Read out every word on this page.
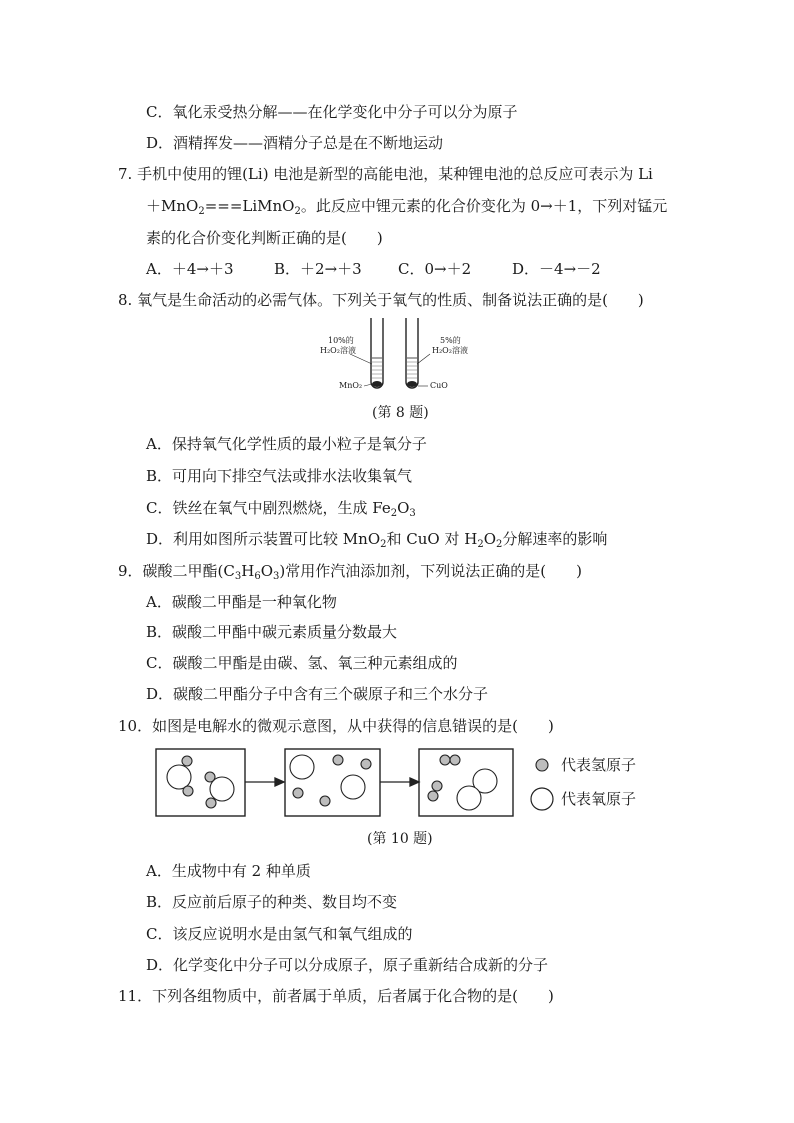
C．氧化汞受热分解——在化学变化中分子可以分为原子
D．酒精挥发——酒精分子总是在不断地运动
7. 手机中使用的锂(Li) 电池是新型的高能电池，某种锂电池的总反应可表示为 Li
＋MnO$_2$===LiMnO$_2$。此反应中锂元素的化合价变化为 0→＋1，下列对锰元
素的化合价变化判断正确的是(　　)
A．＋4→＋3	B．＋2→＋3 C．0→＋2	D．－4→－2
8. 氧气是生命活动的必需气体。下列关于氧气的性质、制备说法正确的是(　　)
10%的
H₂O₂溶液
MnO₂
5%的
H₂O₂溶液
CuO
(第 8 题)
A．保持氧气化学性质的最小粒子是氧分子
B．可用向下排空气法或排水法收集氧气
C．铁丝在氧气中剧烈燃烧，生成 $Fe_2O_3$
D．利用如图所示装置可比较 MnO$_2$和 CuO 对 $H_2O_2$分解速率的影响
9．碳酸二甲酯$(C_3H_6O_3)$常用作汽油添加剂，下列说法正确的是(　　)
A．碳酸二甲酯是一种氧化物
B．碳酸二甲酯中碳元素质量分数最大
C．碳酸二甲酯是由碳、氢、氧三种元素组成的
D．碳酸二甲酯分子中含有三个碳原子和三个水分子
10．如图是电解水的微观示意图，从中获得的信息错误的是(　　)
代表氢原子
代表氧原子
(第 10 题)
A．生成物中有 2 种单质
B．反应前后原子的种类、数目均不变
C．该反应说明水是由氢气和氧气组成的
D．化学变化中分子可以分成原子，原子重新结合成新的分子
11．下列各组物质中，前者属于单质，后者属于化合物的是(　　)
